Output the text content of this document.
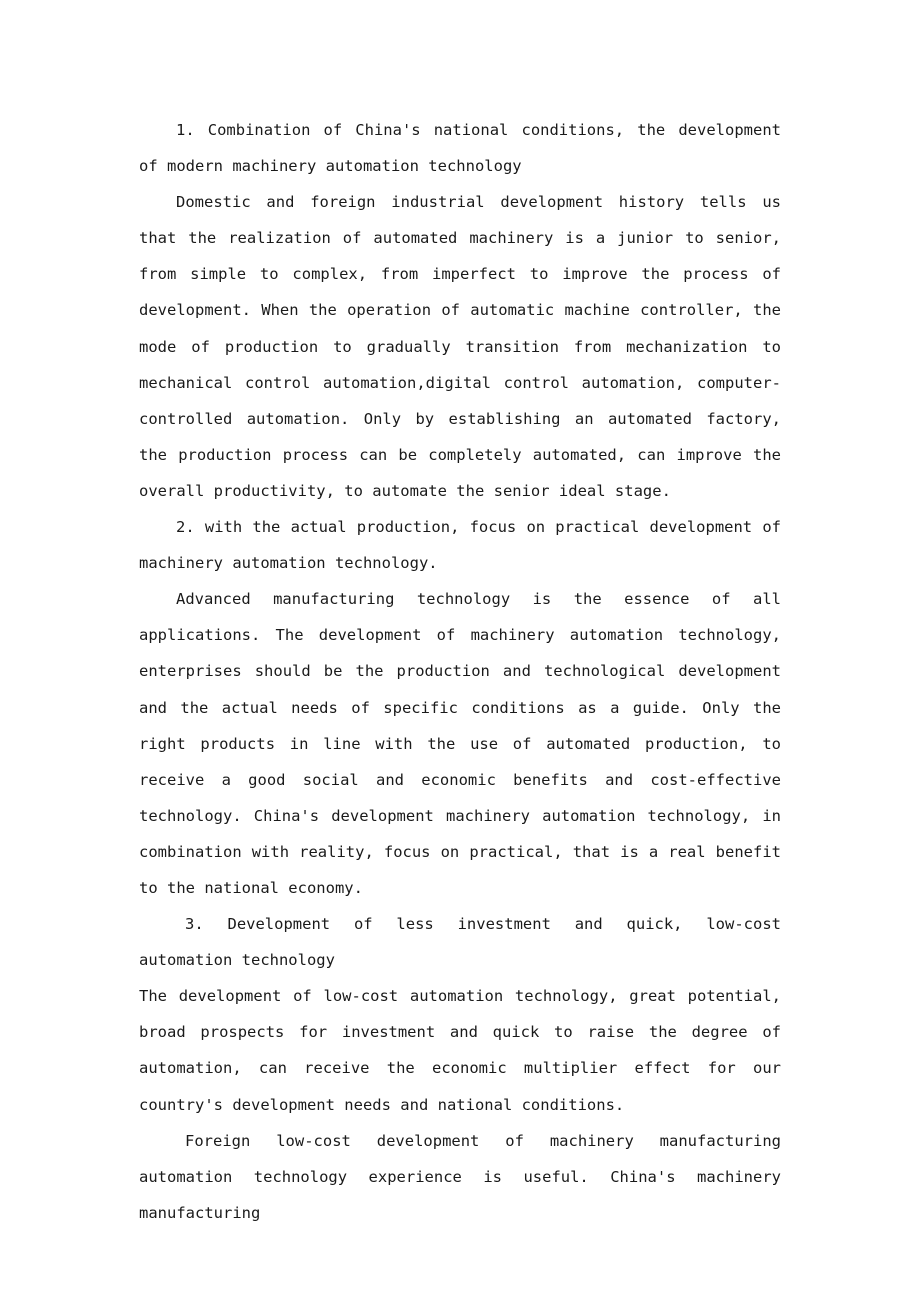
1. Combination of China's national conditions, the development of modern machinery automation technology

Domestic and foreign industrial development history tells us that the realization of automated machinery is a junior to senior, from simple to complex, from imperfect to improve the process of development. When the operation of automatic machine controller, the mode of production to gradually transition from mechanization to mechanical control automation,digital control automation, computer-controlled automation. Only by establishing an automated factory, the production process can be completely automated, can improve the overall productivity, to automate the senior ideal stage.

2. with the actual production, focus on practical development of machinery automation technology.

Advanced manufacturing technology is the essence of all applications. The development of machinery automation technology, enterprises should be the production and technological development and the actual needs of specific conditions as a guide. Only the right products in line with the use of automated production, to receive a good social and economic benefits and cost-effective technology. China's development machinery automation technology, in combination with reality, focus on practical, that is a real benefit to the national economy.

3. Development of less investment and quick, low-cost automation technology

The development of low-cost automation technology, great potential, broad prospects for investment and quick to raise the degree of automation, can receive the economic multiplier effect for our country's development needs and national conditions.

Foreign low-cost development of machinery manufacturing automation technology experience is useful. China's machinery manufacturing
